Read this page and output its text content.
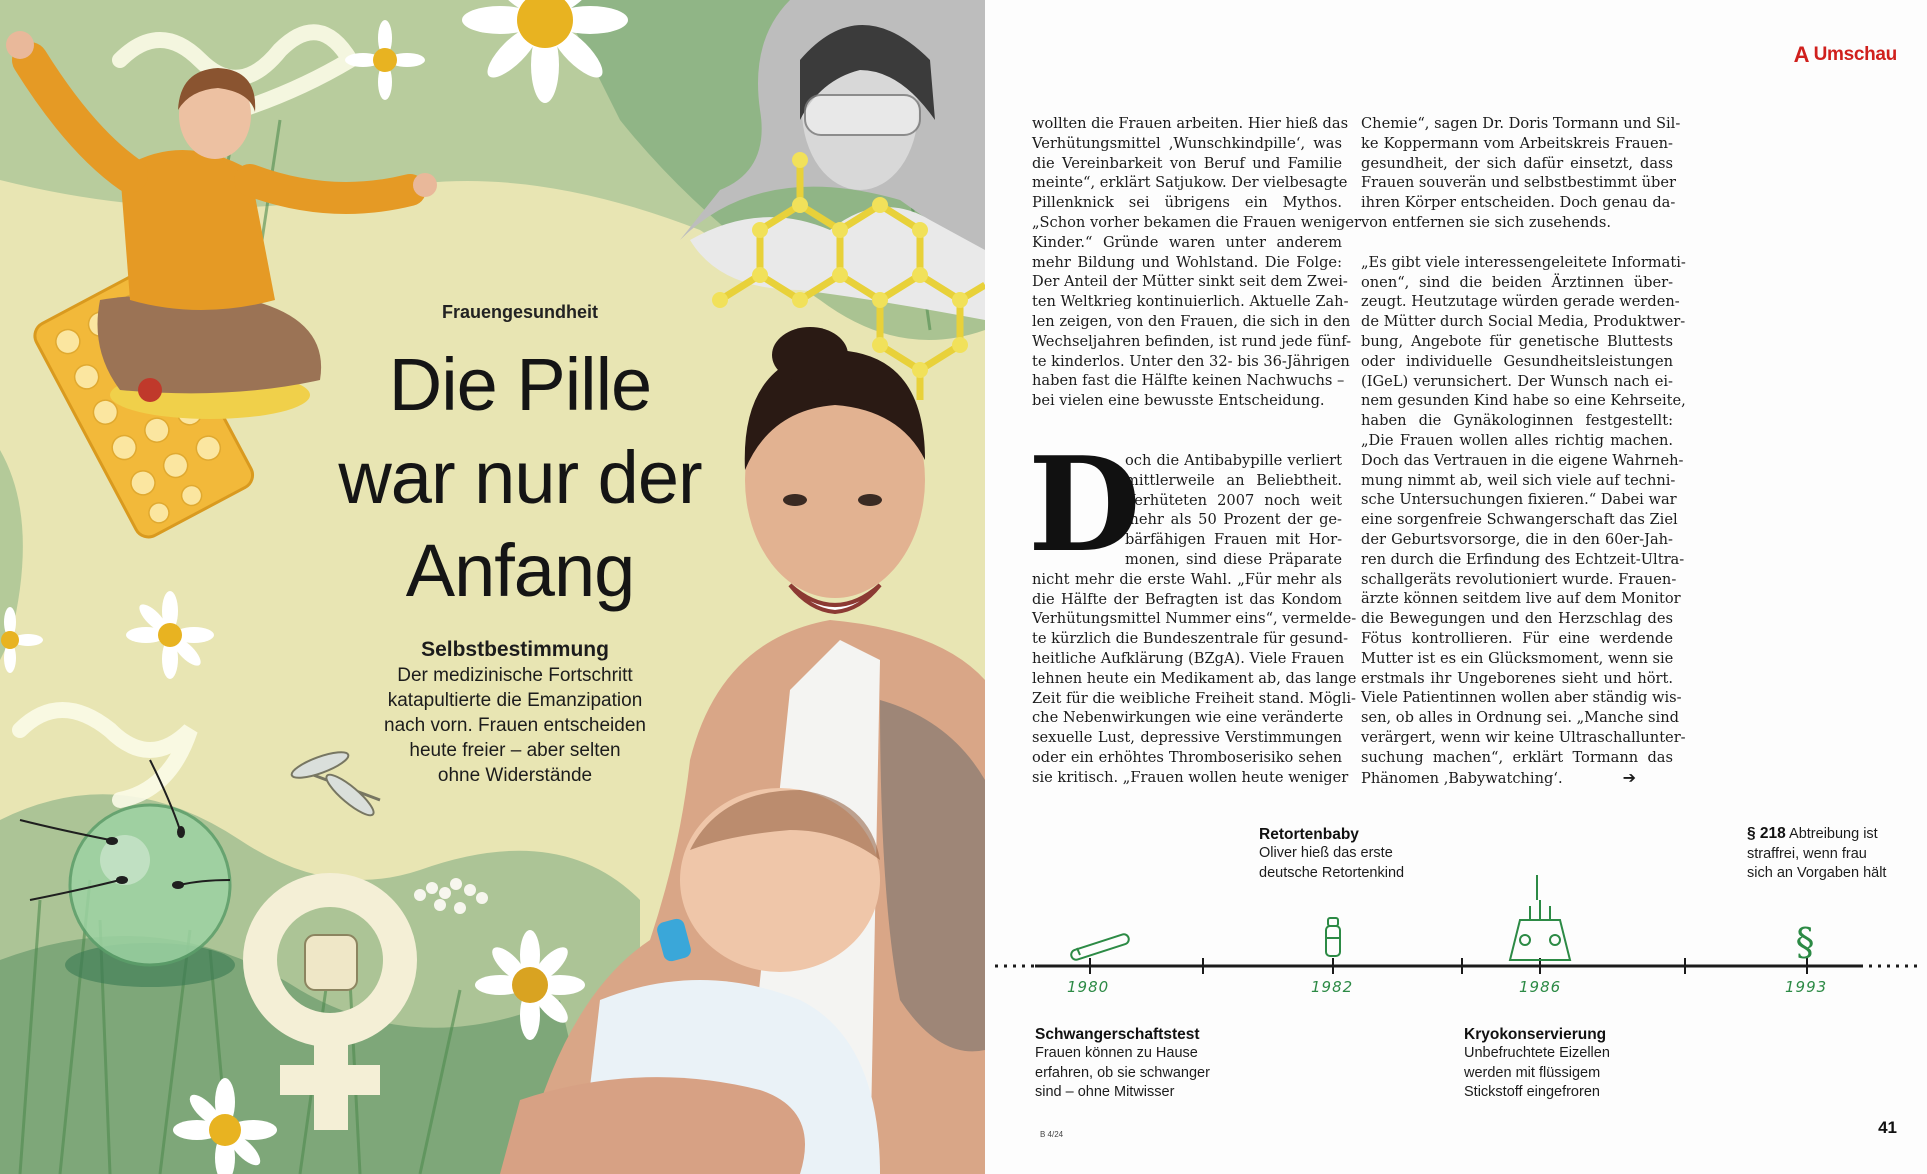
Frauengesundheit
Die Pille
war nur der
Anfang
Selbstbestimmung
Der medizinische Fortschritt
katapultierte die Emanzipation
nach vorn. Frauen entscheiden
heute freier – aber selten
ohne Widerstände
A Umschau

wollten die Frauen arbeiten. Hier hieß das
Verhütungsmittel ‚Wunschkindpille‘, was
die Vereinbarkeit von Beruf und Familie
meinte“, erklärt Satjukow. Der vielbesagte
Pillenknick sei übrigens ein Mythos.
„Schon vorher bekamen die Frauen weniger
Kinder.“ Gründe waren unter anderem
mehr Bildung und Wohlstand. Die Folge:
Der Anteil der Mütter sinkt seit dem Zwei-
ten Weltkrieg kontinuierlich. Aktuelle Zah-
len zeigen, von den Frauen, die sich in den
Wechseljahren befinden, ist rund jede fünf-
te kinderlos. Unter den 32- bis 36-Jährigen
haben fast die Hälfte keinen Nachwuchs –
bei vielen eine bewusste Entscheidung.

D
och die Antibabypille verliert
mittlerweile an Beliebtheit.
Verhüteten 2007 noch weit
mehr als 50 Prozent der ge-
bärfähigen Frauen mit Hor-
monen, sind diese Präparate
nicht mehr die erste Wahl. „Für mehr als
die Hälfte der Befragten ist das Kondom
Verhütungsmittel Nummer eins“, vermelde-
te kürzlich die Bundeszentrale für gesund-
heitliche Aufklärung (BZgA). Viele Frauen
lehnen heute ein Medikament ab, das lange
Zeit für die weibliche Freiheit stand. Mögli-
che Nebenwirkungen wie eine veränderte
sexuelle Lust, depressive Verstimmungen
oder ein erhöhtes Thromboserisiko sehen
sie kritisch. „Frauen wollen heute weniger

Chemie“, sagen Dr. Doris Tormann und Sil-
ke Koppermann vom Arbeitskreis Frauen-
gesundheit, der sich dafür einsetzt, dass
Frauen souverän und selbstbestimmt über
ihren Körper entscheiden. Doch genau da-
von entfernen sie sich zusehends.

„Es gibt viele interessengeleitete Informati-
onen“, sind die beiden Ärztinnen über-
zeugt. Heutzutage würden gerade werden-
de Mütter durch Social Media, Produktwer-
bung, Angebote für genetische Bluttests
oder individuelle Gesundheitsleistungen
(IGeL) verunsichert. Der Wunsch nach ei-
nem gesunden Kind habe so eine Kehrseite,
haben die Gynäkologinnen festgestellt:
„Die Frauen wollen alles richtig machen.
Doch das Vertrauen in die eigene Wahrneh-
mung nimmt ab, weil sich viele auf techni-
sche Untersuchungen fixieren.“ Dabei war
eine sorgenfreie Schwangerschaft das Ziel
der Geburtsvorsorge, die in den 60er-Jah-
ren durch die Erfindung des Echtzeit-Ultra-
schallgeräts revolutioniert wurde. Frauen-
ärzte können seitdem live auf dem Monitor
die Bewegungen und den Herzschlag des
Fötus kontrollieren. Für eine werdende
Mutter ist es ein Glücksmoment, wenn sie
erstmals ihr Ungeborenes sieht und hört.
Viele Patientinnen wollen aber ständig wis-
sen, ob alles in Ordnung sei. „Manche sind
verärgert, wenn wir keine Ultraschallunter-
suchung machen“, erklärt Tormann das
Phänomen ‚Babywatching‘.	➔

§
1980	1982	1986	1993
Schwangerschaftstest
Frauen können zu Hause
erfahren, ob sie schwanger
sind – ohne Mitwisser
Retortenbaby
Oliver hieß das erste
deutsche Retortenkind
Kryokonservierung
Unbefruchtete Eizellen
werden mit flüssigem
Stickstoff eingefroren
§ 218 Abtreibung ist
straffrei, wenn frau
sich an Vorgaben hält
B 4/24	41
